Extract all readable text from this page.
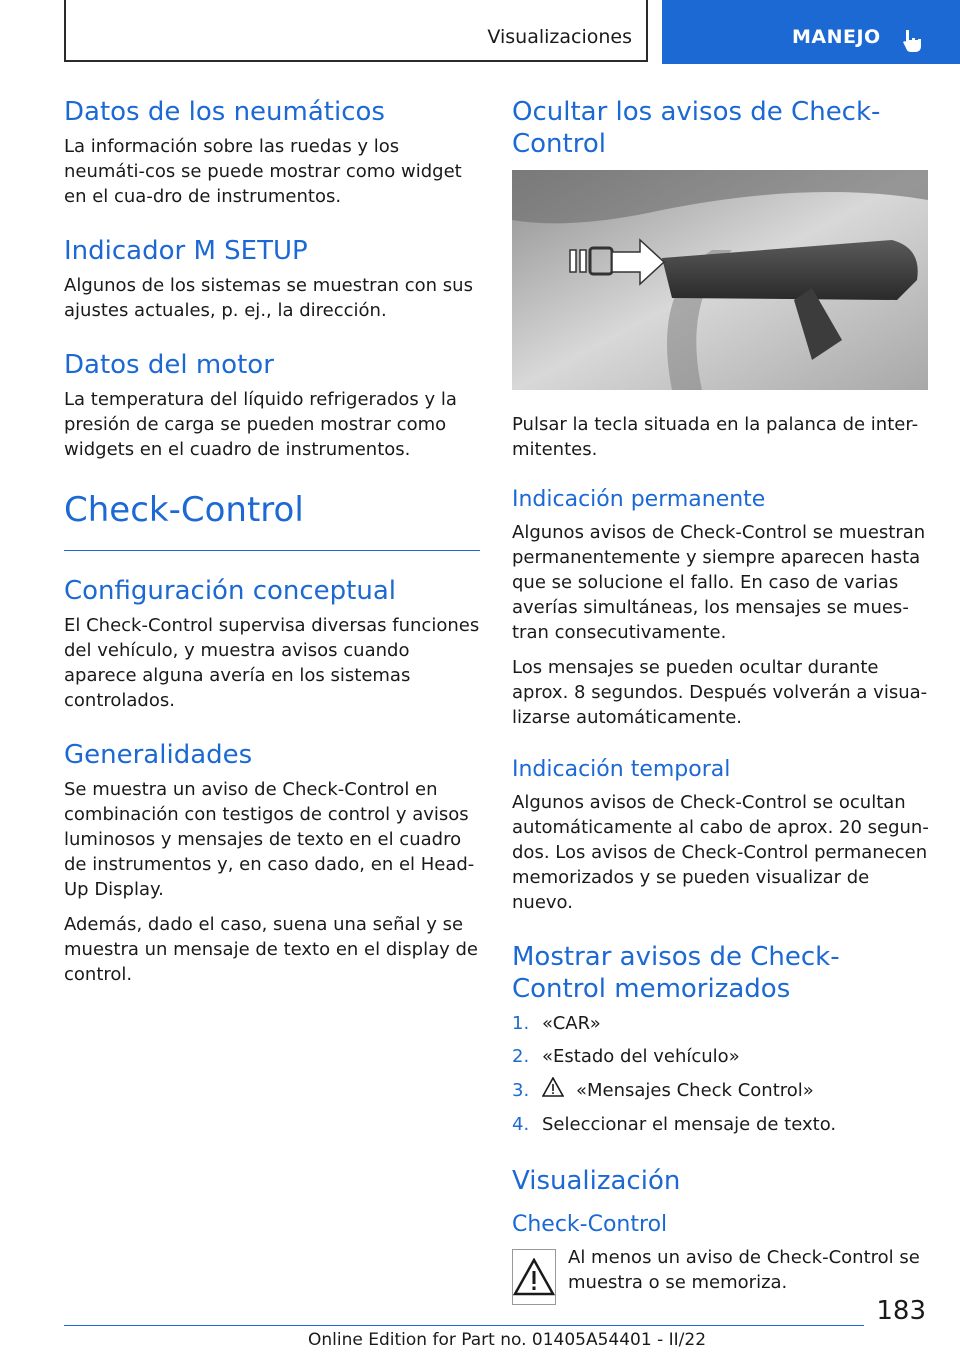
Visualizaciones	MANEJO
Datos de los neumáticos

La información sobre las ruedas y los neumáti-cos se puede mostrar como widget en el cua-dro de instrumentos.

Indicador M SETUP

Algunos de los sistemas se muestran con sus ajustes actuales, p. ej., la dirección.

Datos del motor

La temperatura del líquido refrigerados y la presión de carga se pueden mostrar como widgets en el cuadro de instrumentos.

Check-Control
Configuración conceptual

El Check-Control supervisa diversas funciones del vehículo, y muestra avisos cuando aparece alguna avería en los sistemas controlados.

Generalidades

Se muestra un aviso de Check-Control en combinación con testigos de control y avisos luminosos y mensajes de texto en el cuadro de instrumentos y, en caso dado, en el Head-Up Display.

Además, dado el caso, suena una señal y se muestra un mensaje de texto en el display de control.

Ocultar los avisos de Check-Control

Pulsar la tecla situada en la palanca de inter-mitentes.

Indicación permanente

Algunos avisos de Check-Control se muestran permanentemente y siempre aparecen hasta que se solucione el fallo. En caso de varias averías simultáneas, los mensajes se mues-tran consecutivamente.

Los mensajes se pueden ocultar durante aprox. 8 segundos. Después volverán a visua-lizarse automáticamente.

Indicación temporal

Algunos avisos de Check-Control se ocultan automáticamente al cabo de aprox. 20 segun-dos. Los avisos de Check-Control permanecen memorizados y se pueden visualizar de nuevo.

Mostrar avisos de Check-Control memorizados
1. «CAR»
2. «Estado del vehículo»
3.	«Mensajes Check Control»
4. Seleccionar el mensaje de texto.
Visualización
Check-Control

Al menos un aviso de Check-Control se muestra o se memoriza.

183
Online Edition for Part no. 01405A54401 - II/22
